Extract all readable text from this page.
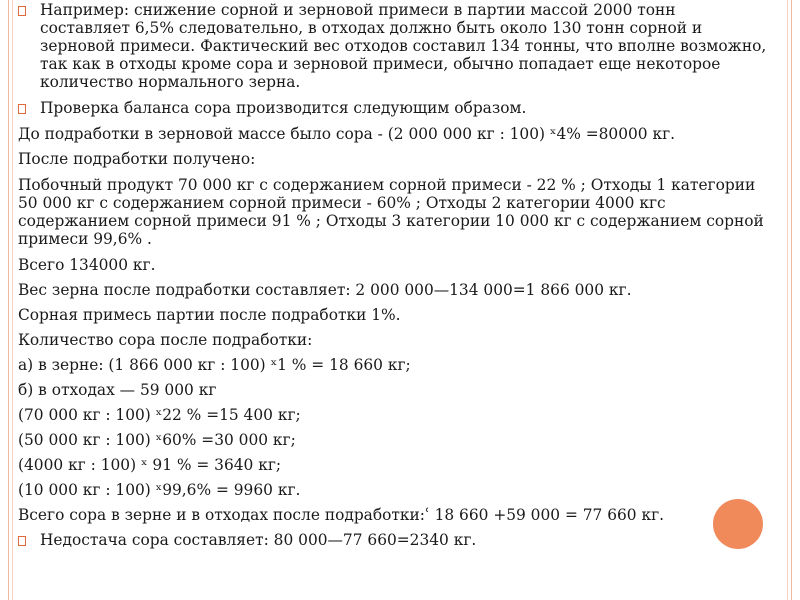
Например: снижение сорной и зерновой примеси в партии массой 2000 тонн
составляет 6,5% следовательно, в отходах должно быть около 130 тонн сорной и
зерновой примеси. Фактический вес отходов составил 134 тонны, что вполне возможно,
так как в отходы кроме сора и зерновой примеси, обычно попадает еще некоторое
количество нормального зерна.
Проверка баланса сора производится следующим образом.
До подработки в зерновой массе было сора - (2 000 000 кг : 100) ˣ4% =80000 кг.
После подработки получено:
Побочный продукт 70 000 кг с содержанием сорной примеси - 22 % ; Отходы 1 категории
50 000 кг с содержанием сорной примеси - 60% ; Отходы 2 категории 4000 кгс
содержанием сорной примеси 91 % ; Отходы 3 категории 10 000 кг с содержанием сорной
примеси 99,6% .
Всего 134000 кг.
Вес зерна после подработки составляет: 2 000 000—134 000=1 866 000 кг.
Сорная примесь партии после подработки 1%.
Количество сора после подработки:
а) в зерне: (1 866 000 кг : 100) ˣ1 % = 18 660 кг;
б) в отходах — 59 000 кг
(70 000 кг : 100) ˣ22 % =15 400 кг;
(50 000 кг : 100) ˣ60% =30 000 кг;
(4000 кг : 100) ˣ 91 % = 3640 кг;
(10 000 кг : 100) ˣ99,6% = 9960 кг.
Всего сора в зерне и в отходах после подработки:ʿ 18 660 +59 000 = 77 660 кг.
Недостача сора составляет: 80 000—77 660=2340 кг.
